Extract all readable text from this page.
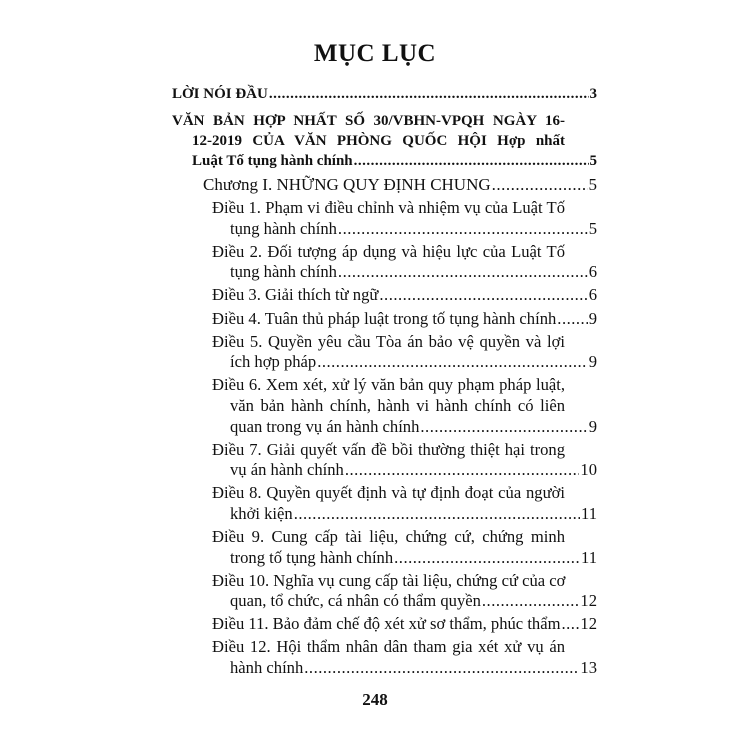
MỤC LỤC
LỜI NÓI ĐẦU .....	3
VĂN BẢN HỢP NHẤT SỐ 30/VBHN-VPQH NGÀY 16-
12-2019 CỦA VĂN PHÒNG QUỐC HỘI Hợp nhất
Luật Tố tụng hành chính .....	5
Chương I. NHỮNG QUY ĐỊNH CHUNG .....	5
Điều 1. Phạm vi điều chỉnh và nhiệm vụ của Luật Tố
tụng hành chính .....	5
Điều 2. Đối tượng áp dụng và hiệu lực của Luật Tố
tụng hành chính .....	6
Điều 3. Giải thích từ ngữ .....	6
Điều 4. Tuân thủ pháp luật trong tố tụng hành chính ..... 9
Điều 5. Quyền yêu cầu Tòa án bảo vệ quyền và lợi
ích hợp pháp .....	9
Điều 6. Xem xét, xử lý văn bản quy phạm pháp luật,
văn bản hành chính, hành vi hành chính có liên
quan trong vụ án hành chính .....	9
Điều 7. Giải quyết vấn đề bồi thường thiệt hại trong
vụ án hành chính .....	10
Điều 8. Quyền quyết định và tự định đoạt của người
khởi kiện .....	11
Điều 9. Cung cấp tài liệu, chứng cứ, chứng minh
trong tố tụng hành chính .....	11
Điều 10. Nghĩa vụ cung cấp tài liệu, chứng cứ của cơ
quan, tổ chức, cá nhân có thẩm quyền .....	12
Điều 11. Bảo đảm chế độ xét xử sơ thẩm, phúc thẩm ..... 12
Điều 12. Hội thẩm nhân dân tham gia xét xử vụ án
hành chính .....	13
248
